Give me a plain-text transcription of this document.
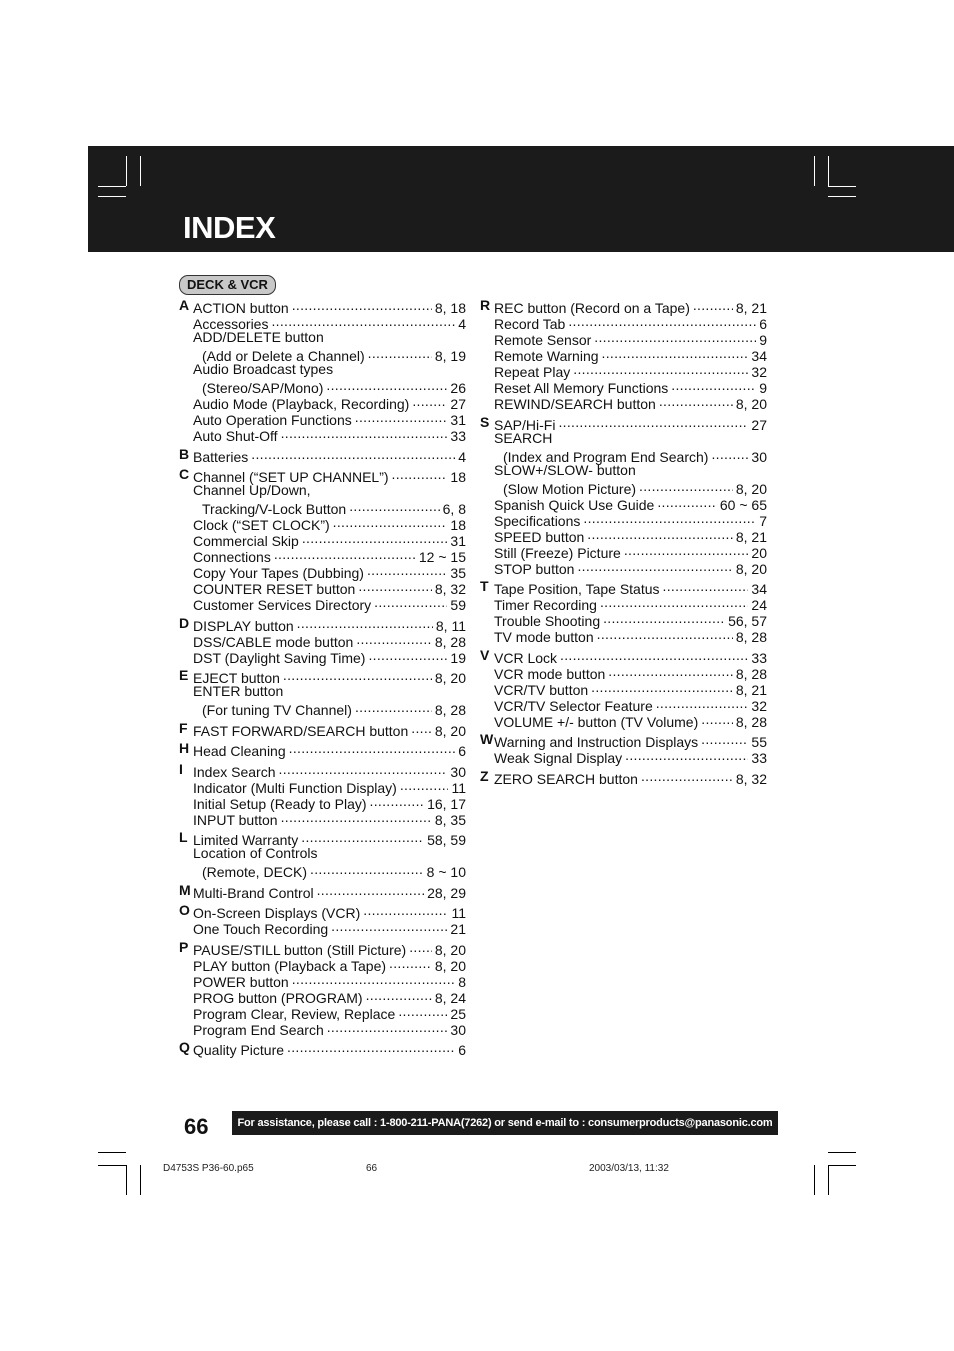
INDEX
DECK & VCR
A ACTION button .....	8, 18
Accessories .....	4
ADD/DELETE button
(Add or Delete a Channel) .....	8, 19
Audio Broadcast types
(Stereo/SAP/Mono) .....	26
Audio Mode (Playback, Recording) .....	27
Auto Operation Functions .....	31
Auto Shut-Off .....	33
B Batteries .....	4
C Channel (“SET UP CHANNEL”) .....	18
Channel Up/Down,
Tracking/V-Lock Button .....	6, 8
Clock (“SET CLOCK”) .....	18
Commercial Skip .....	31
Connections .....	12 ~ 15
Copy Your Tapes (Dubbing) .....	35
COUNTER RESET button .....	8, 32
Customer Services Directory .....	59
D DISPLAY button .....	8, 11
DSS/CABLE mode button .....	8, 28
DST (Daylight Saving Time) .....	19
E EJECT button .....	8, 20
ENTER button
(For tuning TV Channel) .....	8, 28
F FAST FORWARD/SEARCH button ..... 8, 20
H Head Cleaning .....	6
I Index Search .....	30
Indicator (Multi Function Display) .....	11
Initial Setup (Ready to Play) .....	16, 17
INPUT button .....	8, 35
L Limited Warranty .....	58, 59
Location of Controls
(Remote, DECK) .....	8 ~ 10
M Multi-Brand Control .....	28, 29
O On-Screen Displays (VCR) .....	11
One Touch Recording .....	21
P PAUSE/STILL button (Still Picture) ..... 8, 20
PLAY button (Playback a Tape) .....	8, 20
POWER button .....	8
PROG button (PROGRAM) .....	8, 24
Program Clear, Review, Replace .....	25
Program End Search .....	30
Q Quality Picture .....	6
R REC button (Record on a Tape) .....	8, 21
Record Tab .....	6
Remote Sensor .....	9
Remote Warning .....	34
Repeat Play .....	32
Reset All Memory Functions .....	9
REWIND/SEARCH button .....	8, 20
S SAP/Hi-Fi .....	27
SEARCH
(Index and Program End Search) .....	30
SLOW+/SLOW- button
(Slow Motion Picture) .....	8, 20
Spanish Quick Use Guide .....	60 ~ 65
Specifications .....	7
SPEED button .....	8, 21
Still (Freeze) Picture .....	20
STOP button .....	8, 20
T Tape Position, Tape Status .....	34
Timer Recording .....	24
Trouble Shooting .....	56, 57
TV mode button .....	8, 28
V VCR Lock .....	33
VCR mode button .....	8, 28
VCR/TV button .....	8, 21
VCR/TV Selector Feature .....	32
VOLUME +/- button (TV Volume) .....	8, 28
W Warning and Instruction Displays .....	55
Weak Signal Display .....	33
Z ZERO SEARCH button .....	8, 32

66	For assistance, please call : 1-800-211-PANA(7262) or send e-mail to : consumerproducts@panasonic.com
D4753S P36-60.p65	66	2003/03/13, 11:32
